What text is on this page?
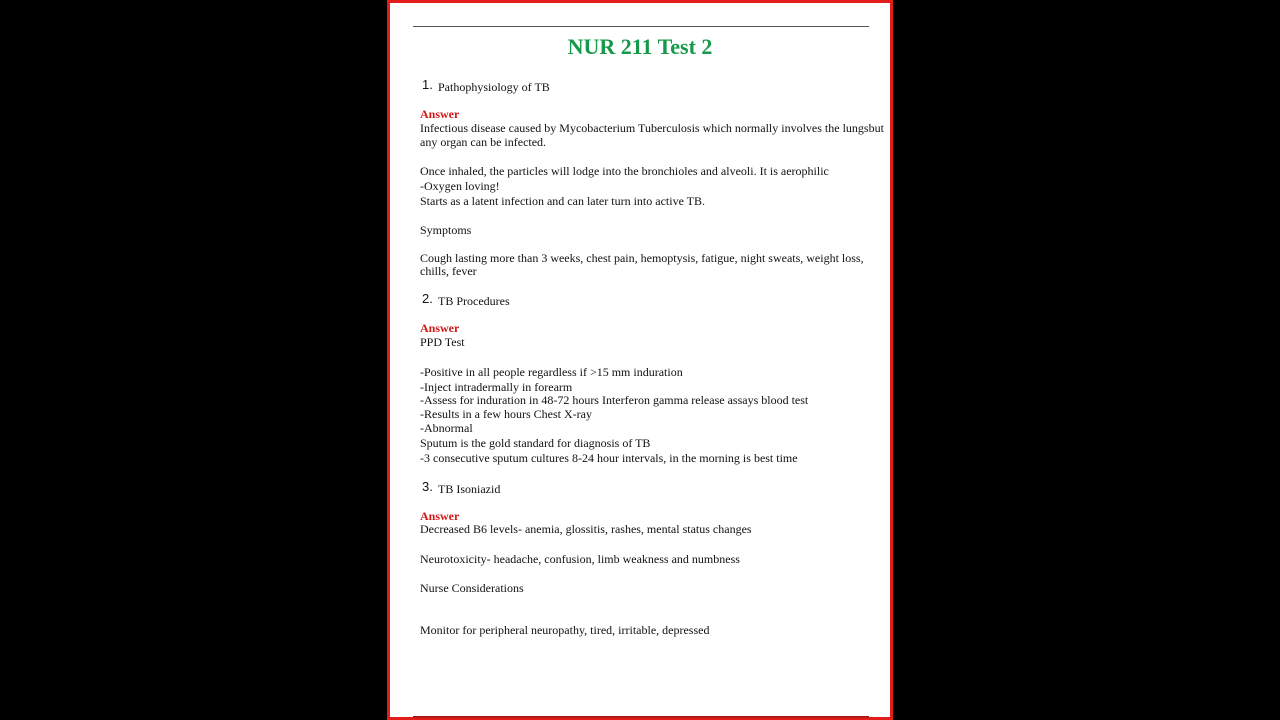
NUR 211 Test 2
1. Pathophysiology of TB
Answer
Infectious disease caused by Mycobacterium Tuberculosis which normally involves the lungsbut
any organ can be infected.
Once inhaled, the particles will lodge into the bronchioles and alveoli. It is aerophilic
-Oxygen loving!
Starts as a latent infection and can later turn into active TB.
Symptoms
Cough lasting more than 3 weeks, chest pain, hemoptysis, fatigue, night sweats, weight loss,
chills, fever
2. TB Procedures
Answer
PPD Test
-Positive in all people regardless if >15 mm induration
-Inject intradermally in forearm
-Assess for induration in 48-72 hours Interferon gamma release assays blood test
-Results in a few hours Chest X-ray
-Abnormal
Sputum is the gold standard for diagnosis of TB
-3 consecutive sputum cultures 8-24 hour intervals, in the morning is best time
3. TB Isoniazid
Answer
Decreased B6 levels- anemia, glossitis, rashes, mental status changes
Neurotoxicity- headache, confusion, limb weakness and numbness
Nurse Considerations
Monitor for peripheral neuropathy, tired, irritable, depressed
